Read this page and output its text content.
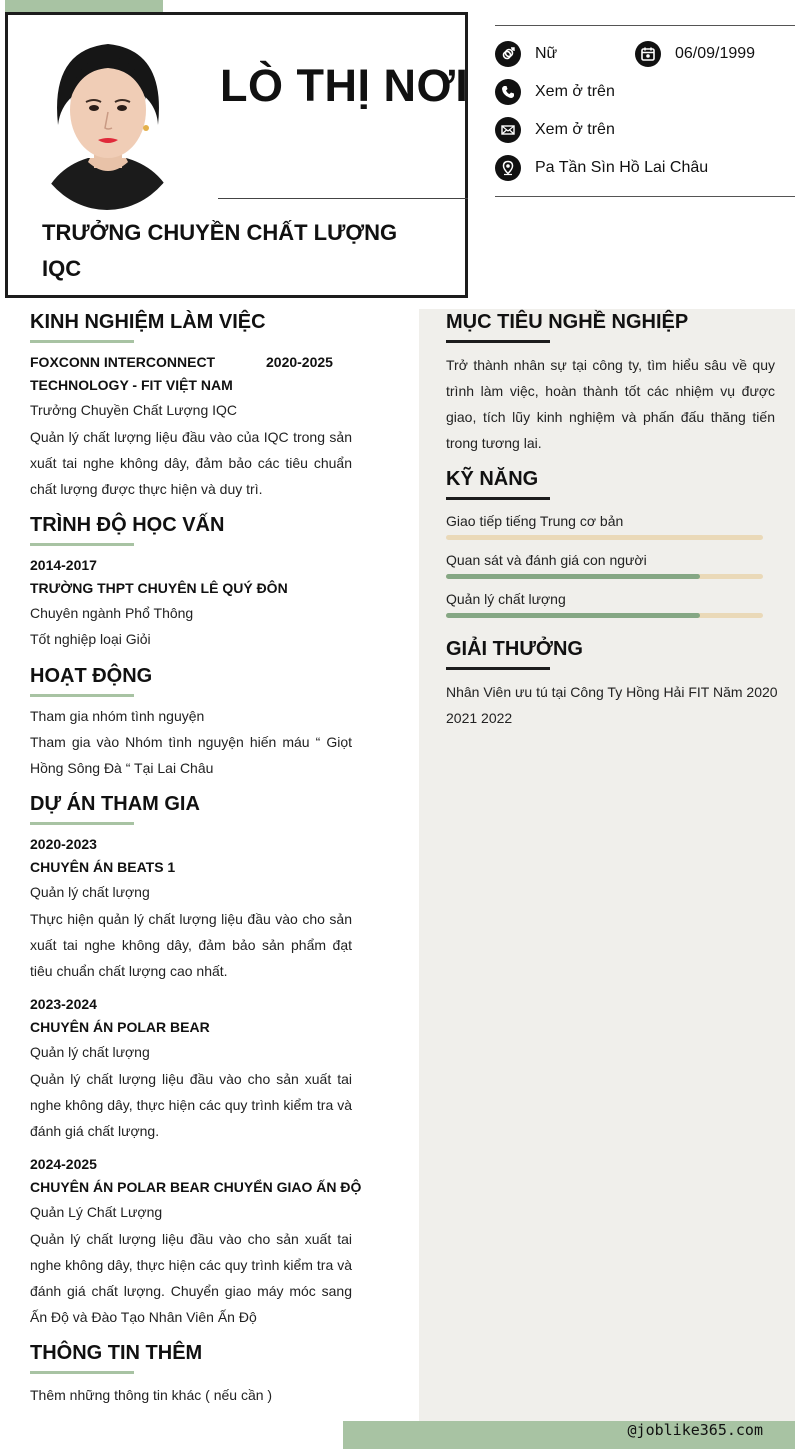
LÒ THỊ NƠI
TRƯỞNG CHUYỀN CHẤT LƯỢNG IQC
Nữ	06/09/1999
Xem ở trên
Xem ở trên
Pa Tần Sìn Hồ Lai Châu
KINH NGHIỆM LÀM VIỆC
FOXCONN INTERCONNECT	2020-2025
TECHNOLOGY - FIT VIỆT NAM
Trưởng Chuyền Chất Lượng IQC
Quản lý chất lượng liệu đầu vào của IQC trong sản xuất tai nghe không dây, đảm bảo các tiêu chuẩn chất lượng được thực hiện và duy trì.
TRÌNH ĐỘ HỌC VẤN
2014-2017
TRƯỜNG THPT CHUYÊN LÊ QUÝ ĐÔN
Chuyên ngành Phổ Thông
Tốt nghiệp loại Giỏi
HOẠT ĐỘNG
Tham gia nhóm tình nguyện
Tham gia vào Nhóm tình nguyện hiến máu “ Giọt Hồng Sông Đà “ Tại Lai Châu
DỰ ÁN THAM GIA
2020-2023
CHUYÊN ÁN BEATS 1
Quản lý chất lượng
Thực hiện quản lý chất lượng liệu đầu vào cho sản xuất tai nghe không dây, đảm bảo sản phẩm đạt tiêu chuẩn chất lượng cao nhất.
2023-2024
CHUYÊN ÁN POLAR BEAR
Quản lý chất lượng
Quản lý chất lượng liệu đầu vào cho sản xuất tai nghe không dây, thực hiện các quy trình kiểm tra và đánh giá chất lượng.
2024-2025
CHUYÊN ÁN POLAR BEAR CHUYỂN GIAO ẤN ĐỘ
Quản Lý Chất Lượng
Quản lý chất lượng liệu đầu vào cho sản xuất tai nghe không dây, thực hiện các quy trình kiểm tra và đánh giá chất lượng. Chuyển giao máy móc sang Ấn Độ và Đào Tạo Nhân Viên Ấn Độ
THÔNG TIN THÊM
Thêm những thông tin khác ( nếu cần )
MỤC TIÊU NGHỀ NGHIỆP
Trở thành nhân sự tại công ty, tìm hiểu sâu về quy trình làm việc, hoàn thành tốt các nhiệm vụ được giao, tích lũy kinh nghiệm và phấn đấu thăng tiến trong tương lai.
KỸ NĂNG
Giao tiếp tiếng Trung cơ bản
Quan sát và đánh giá con người
Quản lý chất lượng
GIẢI THƯỞNG
Nhân Viên ưu tú tại Công Ty Hồng Hải FIT Năm 2020 2021 2022
@joblike365.com
